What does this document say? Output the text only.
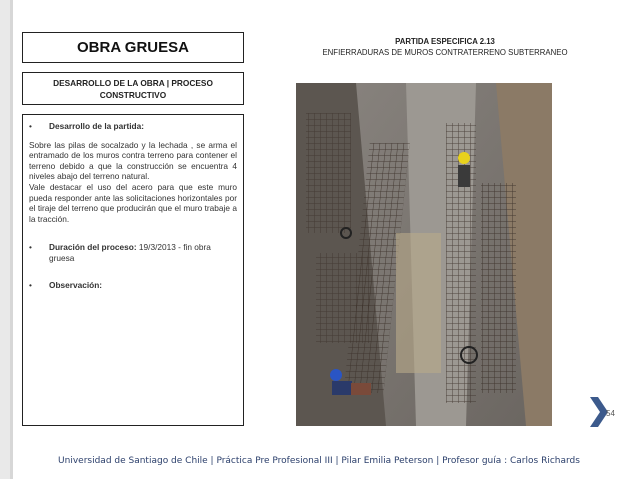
OBRA GRUESA
DESARROLLO DE LA OBRA | PROCESO CONSTRUCTIVO
•	Desarrollo de la partida:

Sobre las pilas de socalzado y la lechada , se arma el entramado de los muros contra terreno para contener el terreno debido a que la construcción se encuentra 4 niveles abajo del terreno natural.

Vale destacar el uso del acero para que este muro pueda responder ante las solicitaciones horizontales por el tiraje del terreno que producirán que el muro trabaje a la tracción.

•	Duración del proceso: 19/3/2013 - fin obra gruesa
•	Observación:
PARTIDA ESPECIFICA 2.13
ENFIERRADURAS DE MUROS CONTRATERRENO SUBTERRANEO
54
Universidad de Santiago de Chile | Práctica Pre Profesional III | Pilar Emilia Peterson | Profesor guía : Carlos Richards
